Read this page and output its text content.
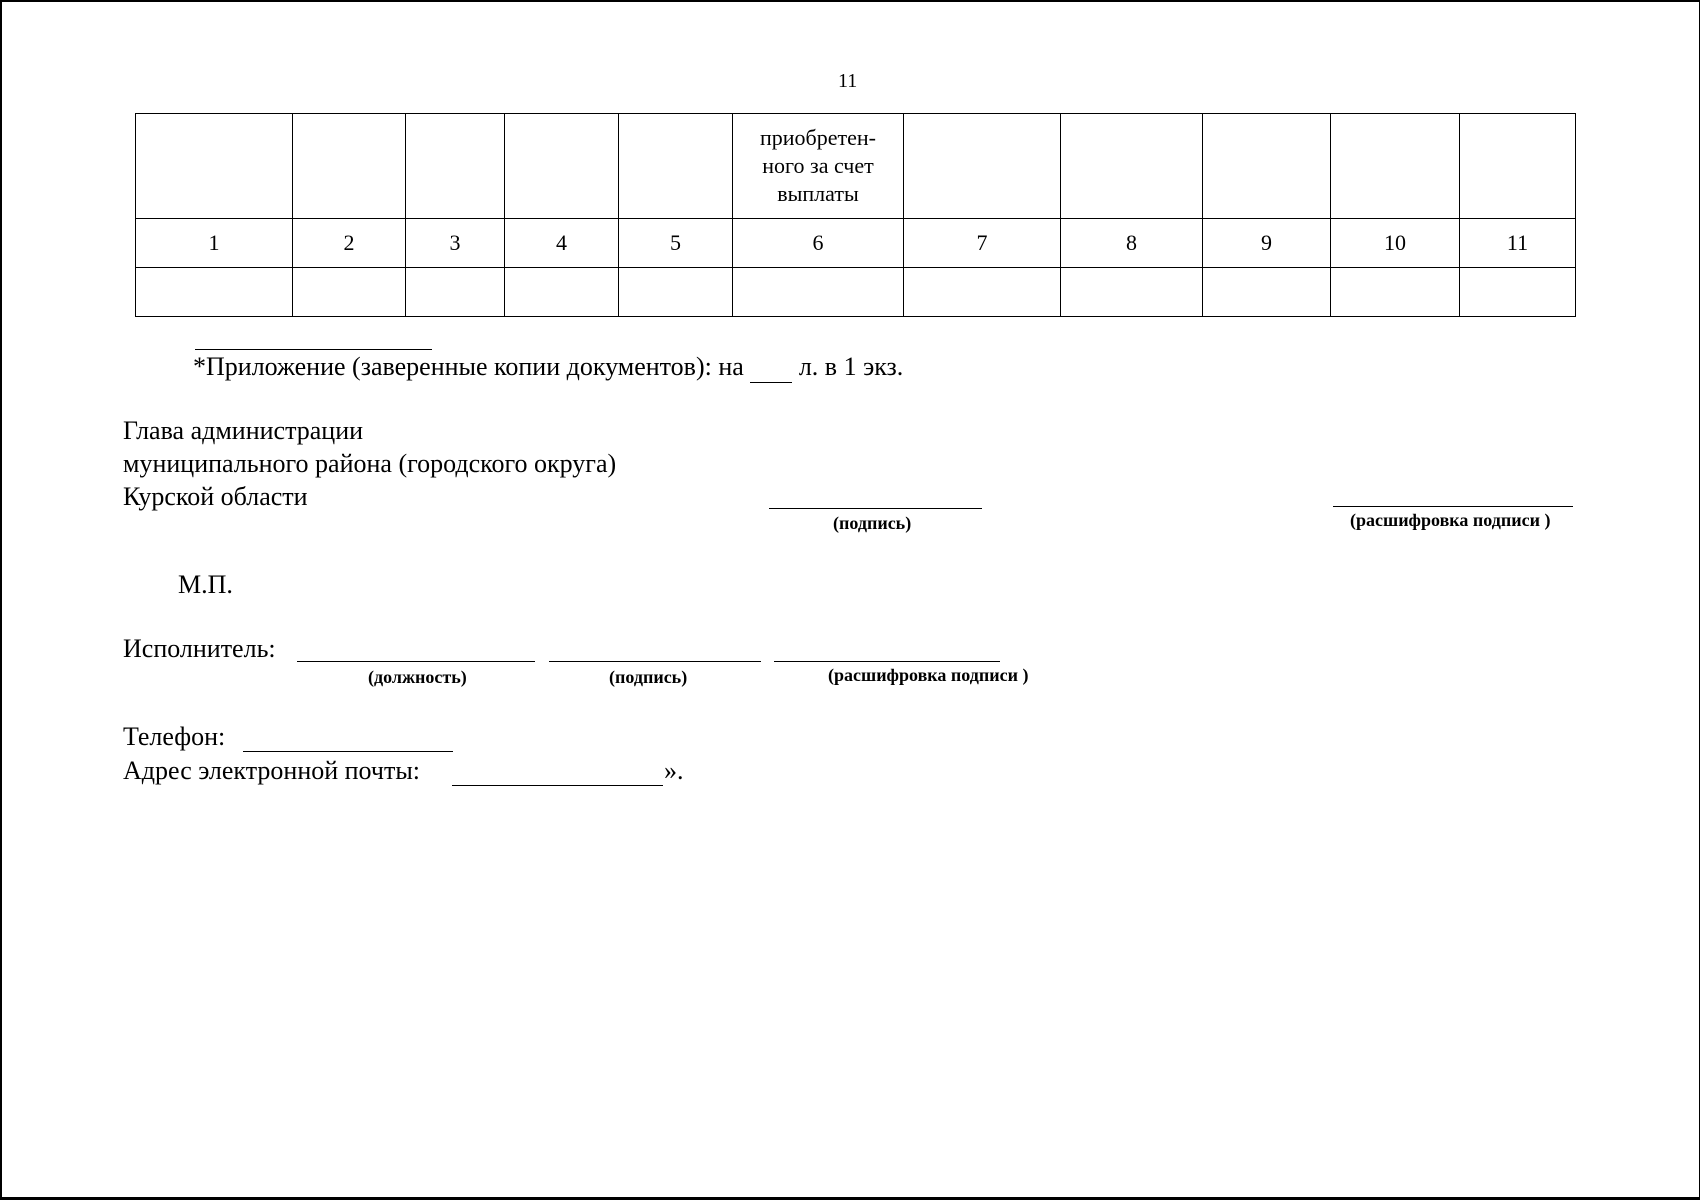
11
					приобретен-
ного за счет
выплаты					
1	2	3	4	5	6	7	8	9	10	11

*Приложение (заверенные копии документов): на л. в 1 экз.
Глава администрации
муниципального района (городского округа)
Курской области
(подпись)	(расшифровка подписи )
М.П.
Исполнитель:
(должность)	(подпись)	(расшифровка подписи )
Телефон:
Адрес электронной почты:	».
